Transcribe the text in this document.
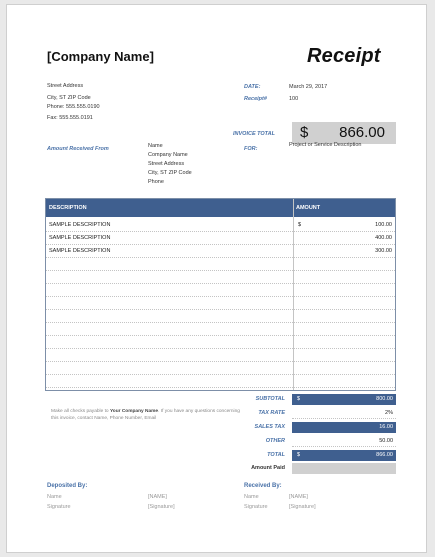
[Company Name]	Receipt
Street Address
City, ST ZIP Code
Phone: 555.555.0190
Fax: 555.555.0191
DATE:	March 29, 2017
Receipt#	100
INVOICE TOTAL $	866.00
Amount Received From	Name
Company Name
Street Address
City, ST ZIP Code
Phone
FOR:
Project or Service Description
DESCRIPTION	AMOUNT
SAMPLE DESCRIPTION	$	100.00
SAMPLE DESCRIPTION	400.00
SAMPLE DESCRIPTION	300.00
Make all checks payable to Your Company Name. If you have any questions concerning this invoice, contact Name, Phone Number, Email
SUBTOTAL $	800.00
TAX RATE	2%
SALES TAX	16.00
OTHER	50.00
TOTAL $	866.00
Amount Paid
Deposited By:
Name	[NAME]
Signature	[Signature]
Received By:
Name	[NAME]
Signature	[Signature]
